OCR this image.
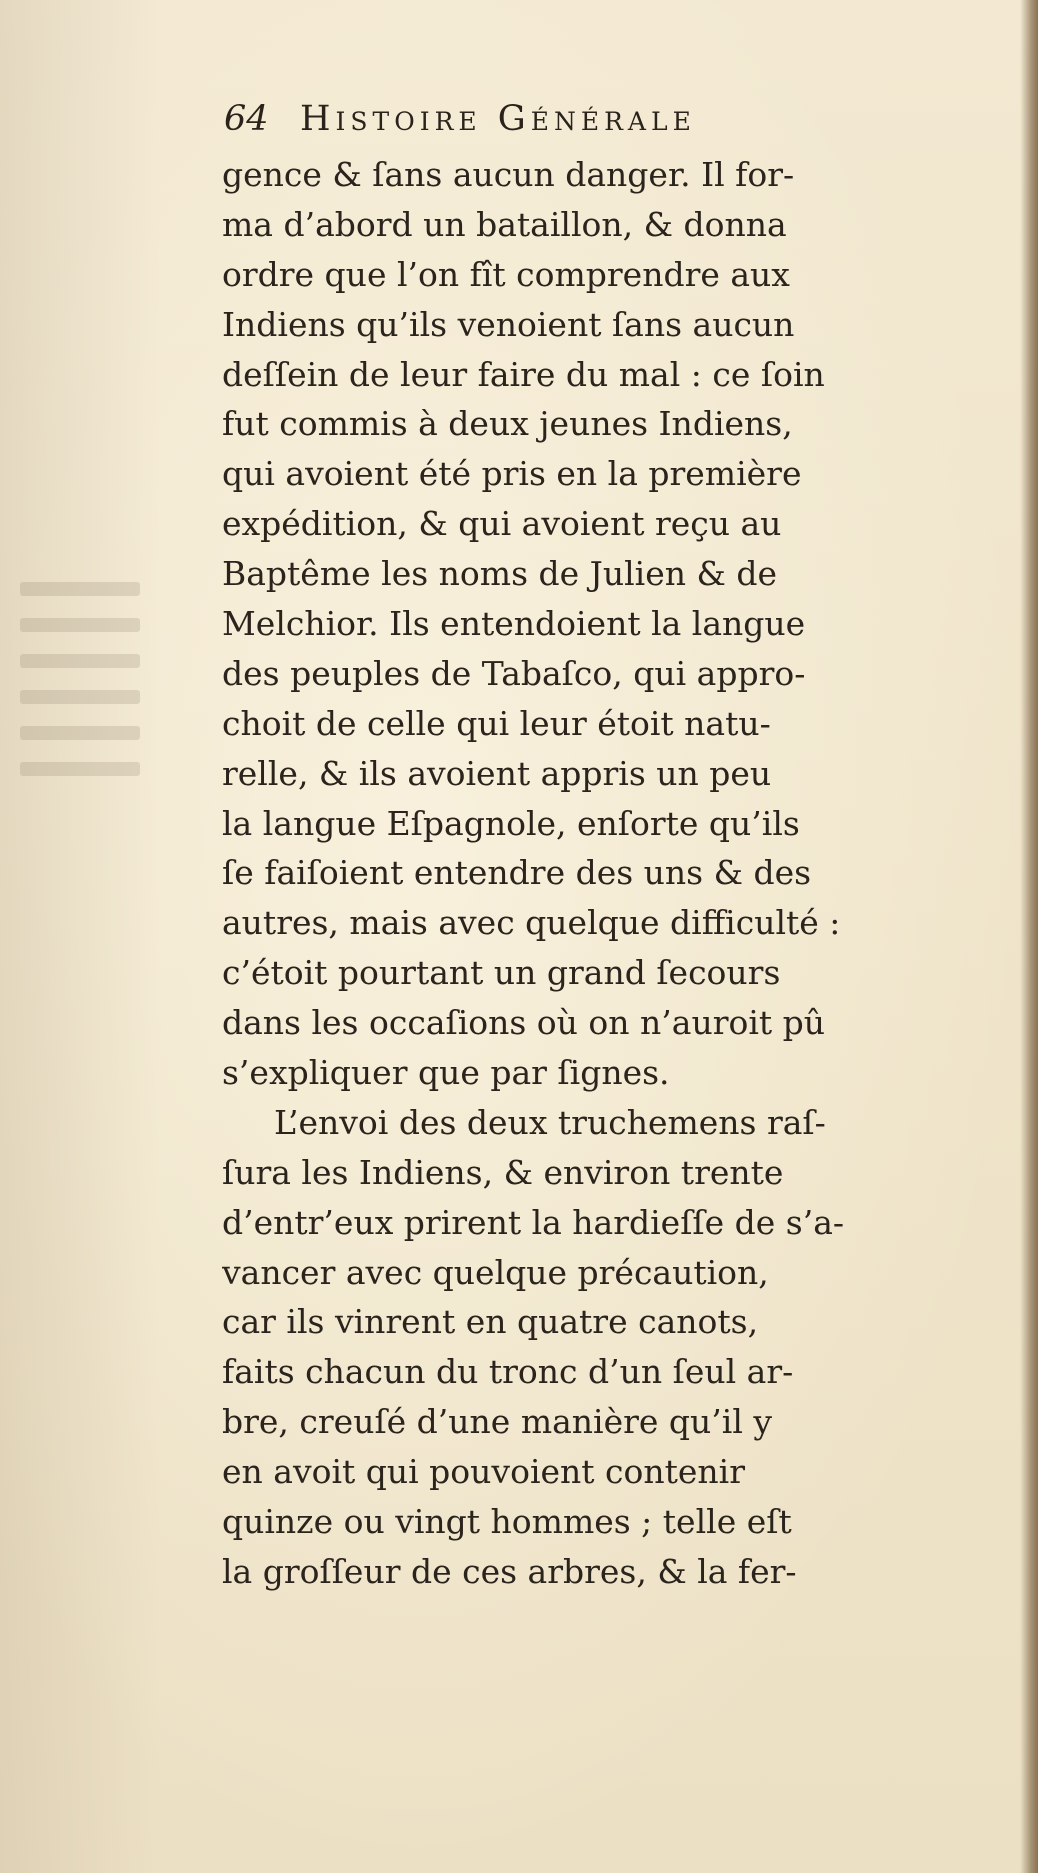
64 Histoire Générale
gence & ſans aucun danger. Il for-
ma d’abord un bataillon, & donna
ordre que l’on fît comprendre aux
Indiens qu’ils venoient ſans aucun
deſſein de leur faire du mal : ce ſoin
fut commis à deux jeunes Indiens,
qui avoient été pris en la première
expédition, & qui avoient reçu au
Baptême les noms de Julien & de
Melchior. Ils entendoient la langue
des peuples de Tabaſco, qui appro-
choit de celle qui leur étoit natu-
relle, & ils avoient appris un peu
la langue Eſpagnole, enſorte qu’ils
ſe faiſoient entendre des uns & des
autres, mais avec quelque difficulté :
c’étoit pourtant un grand ſecours
dans les occaſions où on n’auroit pû
s’expliquer que par ſignes.
L’envoi des deux truchemens raſ-
ſura les Indiens, & environ trente
d’entr’eux prirent la hardieſſe de s’a-
vancer avec quelque précaution,
car ils vinrent en quatre canots,
faits chacun du tronc d’un ſeul ar-
bre, creuſé d’une manière qu’il y
en avoit qui pouvoient contenir
quinze ou vingt hommes ; telle eſt
la groſſeur de ces arbres, & la fer-
